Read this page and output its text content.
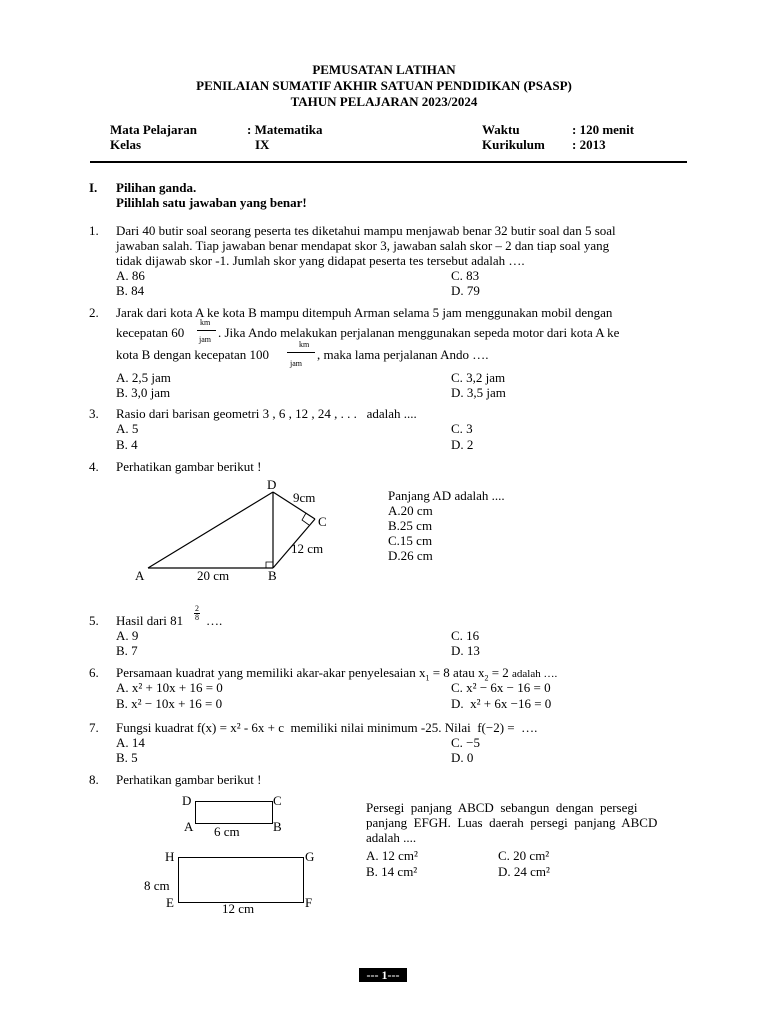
PEMUSATAN LATIHAN
PENILAIAN SUMATIF AKHIR SATUAN PENDIDIKAN (PSASP)
TAHUN PELAJARAN 2023/2024
Mata Pelajaran	: Matematika
Kelas	IX
Waktu	: 120 menit
Kurikulum : 2013
I. Pilihan ganda.
Pilihlah satu jawaban yang benar!
1. Dari 40 butir soal seorang peserta tes diketahui mampu menjawab benar 32 butir soal dan 5 soal
jawaban salah. Tiap jawaban benar mendapat skor 3, jawaban salah skor – 2 dan tiap soal yang
tidak dijawab skor -1. Jumlah skor yang didapat peserta tes tersebut adalah ….
A. 86
B. 84
C. 83
D. 79
2. Jarak dari kota A ke kota B mampu ditempuh Arman selama 5 jam menggunakan mobil dengan
kecepatan 60
km
jam . Jika Ando melakukan perjalanan menggunakan sepeda motor dari kota A ke
kota B dengan kecepatan 100
km
jam
, maka lama perjalanan Ando ….
A. 2,5 jam
B. 3,0 jam
C. 3,2 jam
D. 3,5 jam
3. Rasio dari barisan geometri 3 , 6 , 12 , 24 , . . .   adalah ....
A. 5
B. 4
C. 3
D. 2
4. Perhatikan gambar berikut !
D
C
A	B
9cm
12 cm
20 cm
Panjang AD adalah ....
A.20 cm
B.25 cm
C.15 cm
D.26 cm
5. Hasil dari 81
2
8 ….
A. 9
B. 7
C. 16
D. 13
6. Persamaan kuadrat yang memiliki akar-akar penyelesaian $x_1 = 8$ atau $x_2 = 2$ adalah ….
A. x² + 10x + 16 = 0
B. x² − 10x + 16 = 0
C. x² − 6x − 16 = 0
D.  x² + 6x −16 = 0
7. Fungsi kuadrat f(x) = x² - 6x + c  memiliki nilai minimum -25. Nilai  f(−2) =  ….
A. 14
B. 5
C. −5
D. 0
8. Perhatikan gambar berikut !
D	C
A	B
6 cm
H	G
E	F
8 cm
12 cm
Persegi  panjang  ABCD  sebangun  dengan  persegi
panjang  EFGH.  Luas  daerah  persegi  panjang  ABCD
adalah ....
A. 12 cm²
B. 14 cm²
C. 20 cm²
D. 24 cm²
--- 1---
